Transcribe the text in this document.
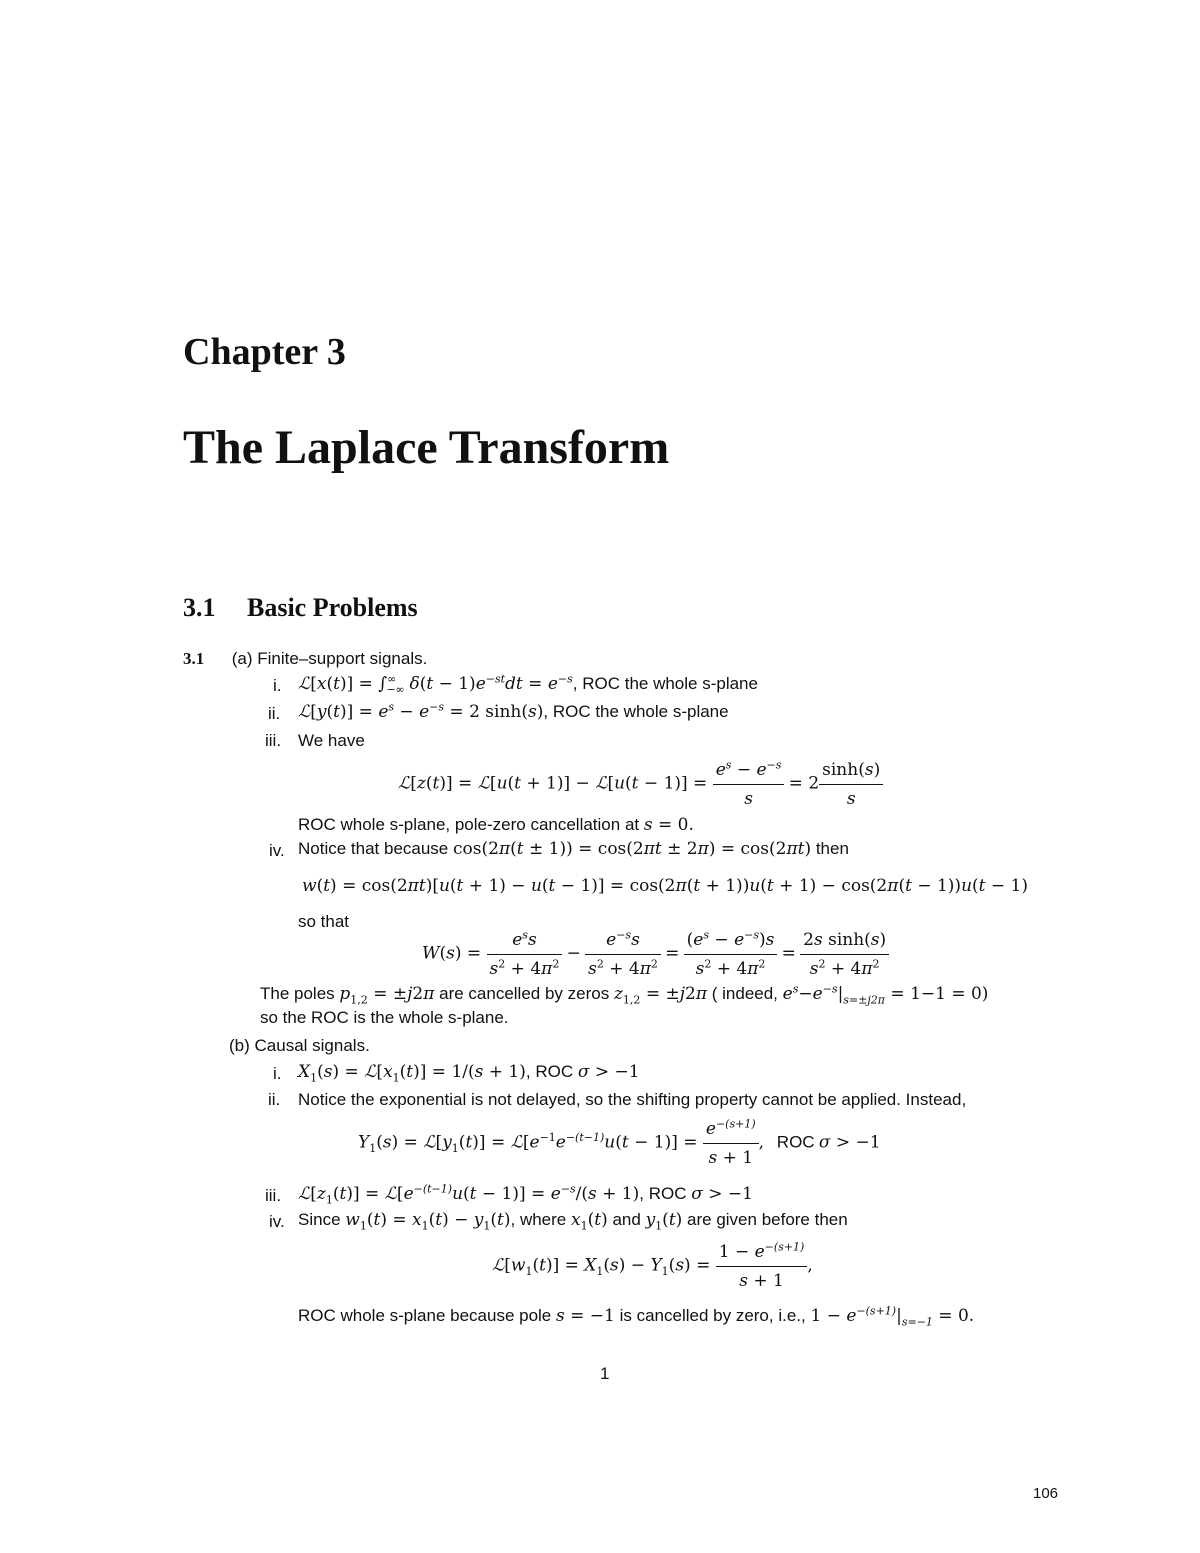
Chapter 3
The Laplace Transform
3.1 Basic Problems
3.1 (a) Finite–support signals.
i. ℒ[x(t)] = $\int^\infty_{-\infty}$ $\delta(t - 1)e^{-st}dt = e^{-s}$, ROC the whole s-plane
ii. ℒ[y(t)] = $e^s - e^{-s} = 2$ sinh(s), ROC the whole s-plane
iii. We have
ℒ[z(t)] = ℒ[u(t + 1)] − ℒ[u(t − $1)] = \frac{e^s - e^{-s}}{s} = 2 \frac{\sinh(s)}{s}$
ROC whole s-plane, pole-zero cancellation at s = 0.
iv. Notice that because cos(2π(t ± 1)) = cos(2πt ± 2π) = cos(2πt) then
w(t) = cos(2πt)[u(t + 1) − u(t − 1)] = cos(2π(t + 1))u(t + 1) − cos(2π(t − 1))u(t − 1)
so that
$W(s) = \frac{e^ss}{s^2 + 4\pi^2} - \frac{e^{-s}s}{s^2 + 4\pi^2} = \frac{(e^s - e^{-s})s}{s^2 + 4\pi^2} = \frac{\text{2s sinh(s)}}{s^2 + 4\pi^2}$
The poles $p_{1,2} = \pm j2\pi$ are cancelled by zeros $z_{1,2} = \pm j2\pi$ ( indeed, $e^s-e^{-s}|_{s=\pm j2\pi} = 1-1 = 0$)
so the ROC is the whole s-plane.
(b) Causal signals.
i. $X_1(s)$ = $ℒ[x_1(t)] = 1/(s + 1)$, ROC σ > −1
ii. Notice the exponential is not delayed, so the shifting property cannot be applied. Instead,
$Y_1(s)$ = $ℒ[y_1(t)]$ = $ℒ[e^{-1}e^{-(t-1)}u(t - 1)] = \frac{e^{-(s+1)}}{s + 1}$ , ROC σ > −1
iii. $ℒ[z_1(t)]$ = $ℒ[e^{-(t-1)}u(t - 1)] = e^{-s}/(s + 1)$, ROC σ > −1
iv. Since $w_1(t) = x_1(t) - y_1(t)$, where $x_1(t)$ and $y_1(t)$ are given before then
$ℒ[w_1(t)] = X_1(s) - Y_1(s) = \frac{1 - e^{-(s+1)}}{s + 1}$ ,
ROC whole s-plane because pole s = −1 is cancelled by zero, i.e., $1 - e^{-(s+1)}|_{s=-1} = 0$.
1
106
